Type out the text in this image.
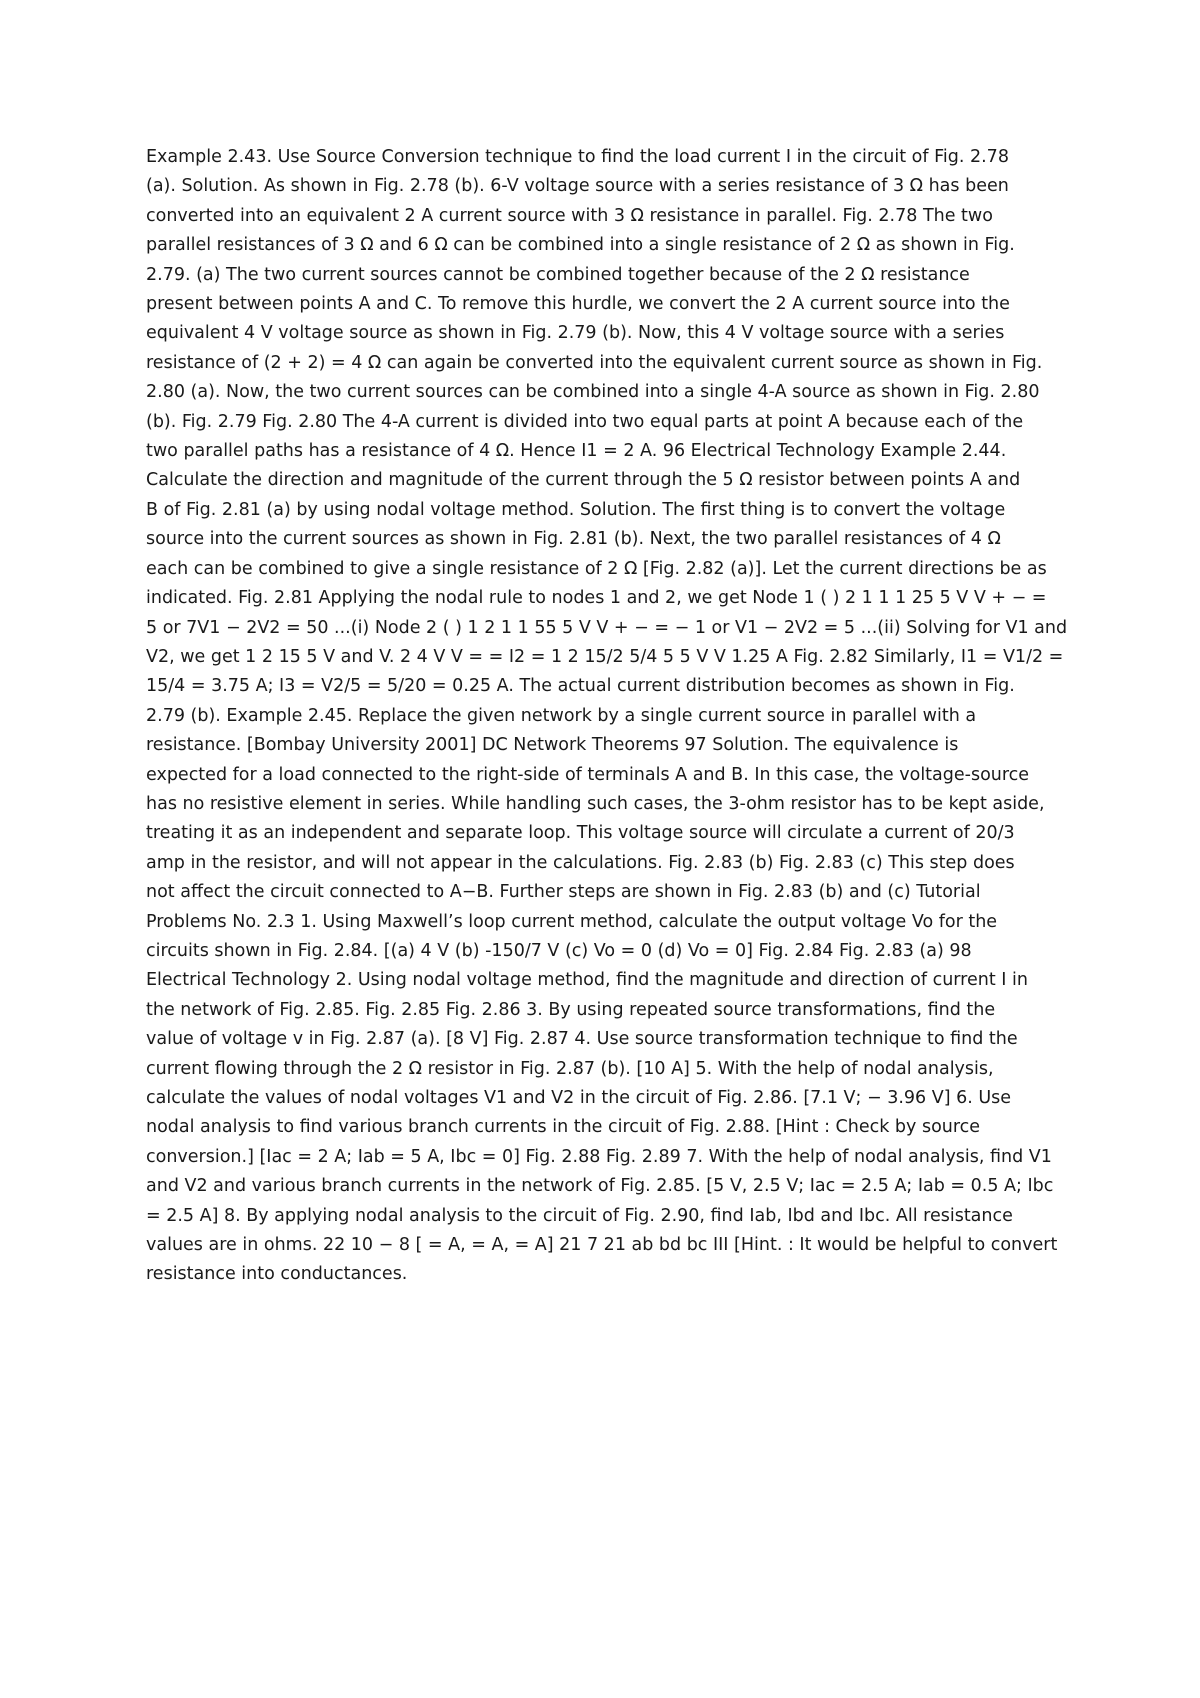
Example 2.43. Use Source Conversion technique to find the load current I in the circuit of Fig. 2.78
(a). Solution. As shown in Fig. 2.78 (b). 6-V voltage source with a series resistance of 3 Ω has been
converted into an equivalent 2 A current source with 3 Ω resistance in parallel. Fig. 2.78 The two
parallel resistances of 3 Ω and 6 Ω can be combined into a single resistance of 2 Ω as shown in Fig.
2.79. (a) The two current sources cannot be combined together because of the 2 Ω resistance
present between points A and C. To remove this hurdle, we convert the 2 A current source into the
equivalent 4 V voltage source as shown in Fig. 2.79 (b). Now, this 4 V voltage source with a series
resistance of (2 + 2) = 4 Ω can again be converted into the equivalent current source as shown in Fig.
2.80 (a). Now, the two current sources can be combined into a single 4-A source as shown in Fig. 2.80
(b). Fig. 2.79 Fig. 2.80 The 4-A current is divided into two equal parts at point A because each of the
two parallel paths has a resistance of 4 Ω. Hence I1 = 2 A. 96 Electrical Technology Example 2.44.
Calculate the direction and magnitude of the current through the 5 Ω resistor between points A and
B of Fig. 2.81 (a) by using nodal voltage method. Solution. The first thing is to convert the voltage
source into the current sources as shown in Fig. 2.81 (b). Next, the two parallel resistances of 4 Ω
each can be combined to give a single resistance of 2 Ω [Fig. 2.82 (a)]. Let the current directions be as
indicated. Fig. 2.81 Applying the nodal rule to nodes 1 and 2, we get Node 1 ( ) 2 1 1 1 25 5 V V + − =
5 or 7V1 − 2V2 = 50 ...(i) Node 2 ( ) 1 2 1 1 55 5 V V + − = − 1 or V1 − 2V2 = 5 ...(ii) Solving for V1 and
V2, we get 1 2 15 5 V and V. 2 4 V V = = I2 = 1 2 15/2 5/4 5 5 V V 1.25 A Fig. 2.82 Similarly, I1 = V1/2 =
15/4 = 3.75 A; I3 = V2/5 = 5/20 = 0.25 A. The actual current distribution becomes as shown in Fig.
2.79 (b). Example 2.45. Replace the given network by a single current source in parallel with a
resistance. [Bombay University 2001] DC Network Theorems 97 Solution. The equivalence is
expected for a load connected to the right-side of terminals A and B. In this case, the voltage-source
has no resistive element in series. While handling such cases, the 3-ohm resistor has to be kept aside,
treating it as an independent and separate loop. This voltage source will circulate a current of 20/3
amp in the resistor, and will not appear in the calculations. Fig. 2.83 (b) Fig. 2.83 (c) This step does
not affect the circuit connected to A−B. Further steps are shown in Fig. 2.83 (b) and (c) Tutorial
Problems No. 2.3 1. Using Maxwell’s loop current method, calculate the output voltage Vo for the
circuits shown in Fig. 2.84. [(a) 4 V (b) -150/7 V (c) Vo = 0 (d) Vo = 0] Fig. 2.84 Fig. 2.83 (a) 98
Electrical Technology 2. Using nodal voltage method, find the magnitude and direction of current I in
the network of Fig. 2.85. Fig. 2.85 Fig. 2.86 3. By using repeated source transformations, find the
value of voltage v in Fig. 2.87 (a). [8 V] Fig. 2.87 4. Use source transformation technique to find the
current flowing through the 2 Ω resistor in Fig. 2.87 (b). [10 A] 5. With the help of nodal analysis,
calculate the values of nodal voltages V1 and V2 in the circuit of Fig. 2.86. [7.1 V; − 3.96 V] 6. Use
nodal analysis to find various branch currents in the circuit of Fig. 2.88. [Hint : Check by source
conversion.] [Iac = 2 A; Iab = 5 A, Ibc = 0] Fig. 2.88 Fig. 2.89 7. With the help of nodal analysis, find V1
and V2 and various branch currents in the network of Fig. 2.85. [5 V, 2.5 V; Iac = 2.5 A; Iab = 0.5 A; Ibc
= 2.5 A] 8. By applying nodal analysis to the circuit of Fig. 2.90, find Iab, Ibd and Ibc. All resistance
values are in ohms. 22 10 − 8 [ = A, = A, = A] 21 7 21 ab bd bc III [Hint. : It would be helpful to convert
resistance into conductances.
